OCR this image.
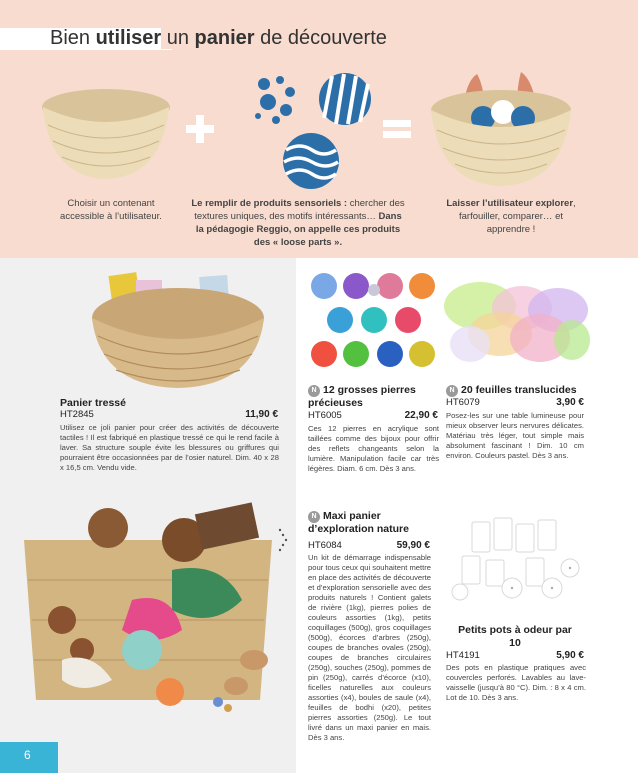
Bien utiliser un panier de découverte
Choisir un contenant accessible à l’utilisateur.
Le remplir de produits sensoriels : chercher des textures uniques, des motifs intéressants… Dans la pédagogie Reggio, on appelle ces produits des « loose parts ».
Laisser l’utilisateur explorer, farfouiller, comparer… et apprendre !
Panier tressé
HT2845	11,90 €
Utilisez ce joli panier pour créer des activités de découverte tactiles ! Il est fabriqué en plastique tressé ce qui le rend facile à laver. Sa structure souple évite les blessures ou griffures qui pourraient être occasionnées par de l’osier naturel. Dim. 40 x 28 x 16,5 cm. Vendu vide.
N 12 grosses pierres précieuses
HT6005	22,90 €
Ces 12 pierres en acrylique sont taillées comme des bijoux pour offrir des reflets changeants selon la lumière. Manipulation facile car très légères. Diam. 6 cm. Dès 3 ans.
N 20 feuilles translucides
HT6079	3,90 €
Posez-les sur une table lumineuse pour mieux observer leurs nervures délicates. Matériau très léger, tout simple mais absolument fascinant ! Dim. 10 cm environ. Couleurs pastel. Dès 3 ans.
N Maxi panier d’exploration nature
HT6084	59,90 €
Un kit de démarrage indispensable pour tous ceux qui souhaitent mettre en place des activités de découverte et d’exploration sensorielle avec des produits naturels ! Contient galets de rivière (1kg), pierres polies de couleurs assorties (1kg), petits coquillages (500g), gros coquillages (500g), écorces d’arbres (250g), coupes de branches ovales (250g), coupes de branches circulaires (250g), souches (250g), pommes de pin (250g), carrés d’écorce (x10), ficelles naturelles aux couleurs assorties (x4), boules de saule (x4), feuilles de bodhi (x20), petites pierres assorties (250g). Le tout livré dans un maxi panier en mais. Dès 3 ans.
Petits pots à odeur par 10
HT4191	5,90 €
Des pots en plastique pratiques avec couvercles perforés. Lavables au lave-vaisselle (jusqu’à 80 °C). Dim. : 8 x 4 cm. Lot de 10. Dès 3 ans.
6
